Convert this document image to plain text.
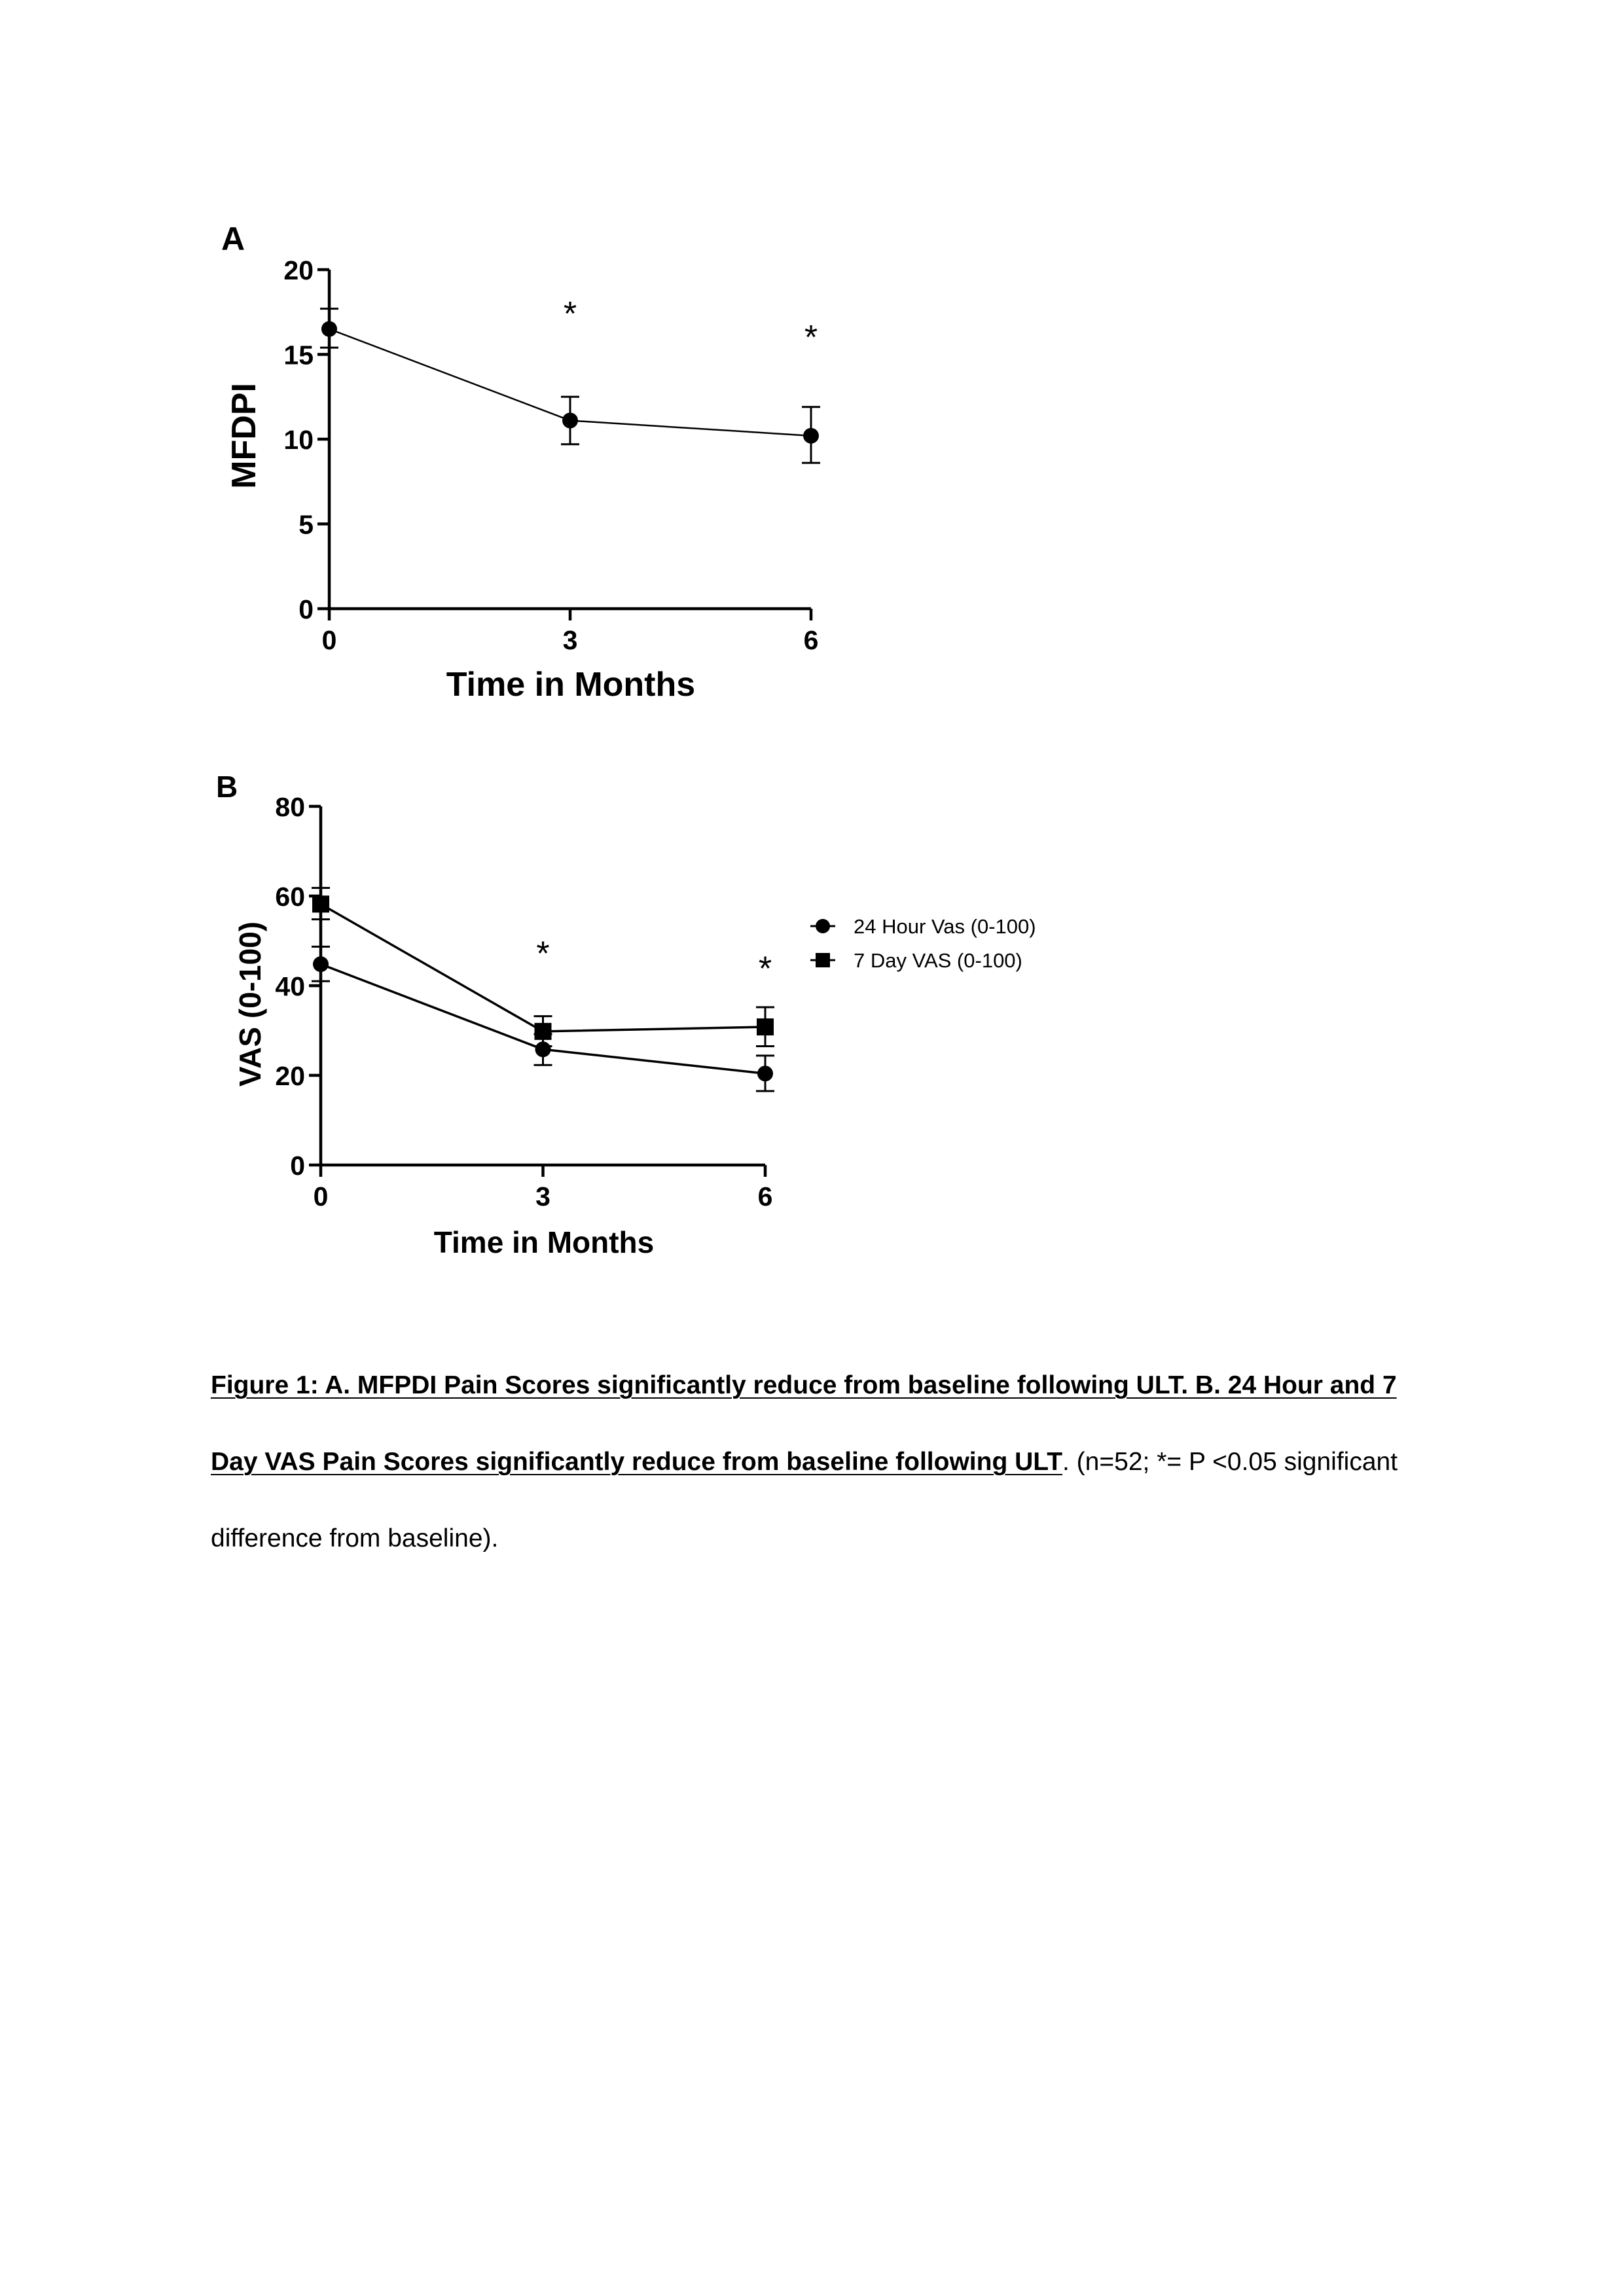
0
5
10
15
20
0	3	6
*
*
A
MFDPI
Time in Months
0
20
40
60
80
0	3	6
*	*
B
VAS (0-100)
Time in Months
24 Hour Vas (0-100)
7 Day VAS (0-100)

Figure 1: A. MFPDI Pain Scores significantly reduce from baseline following ULT. B. 24 Hour and 7 Day VAS Pain Scores significantly reduce from baseline following ULT. (n=52; *= P <0.05 significant difference from baseline).
